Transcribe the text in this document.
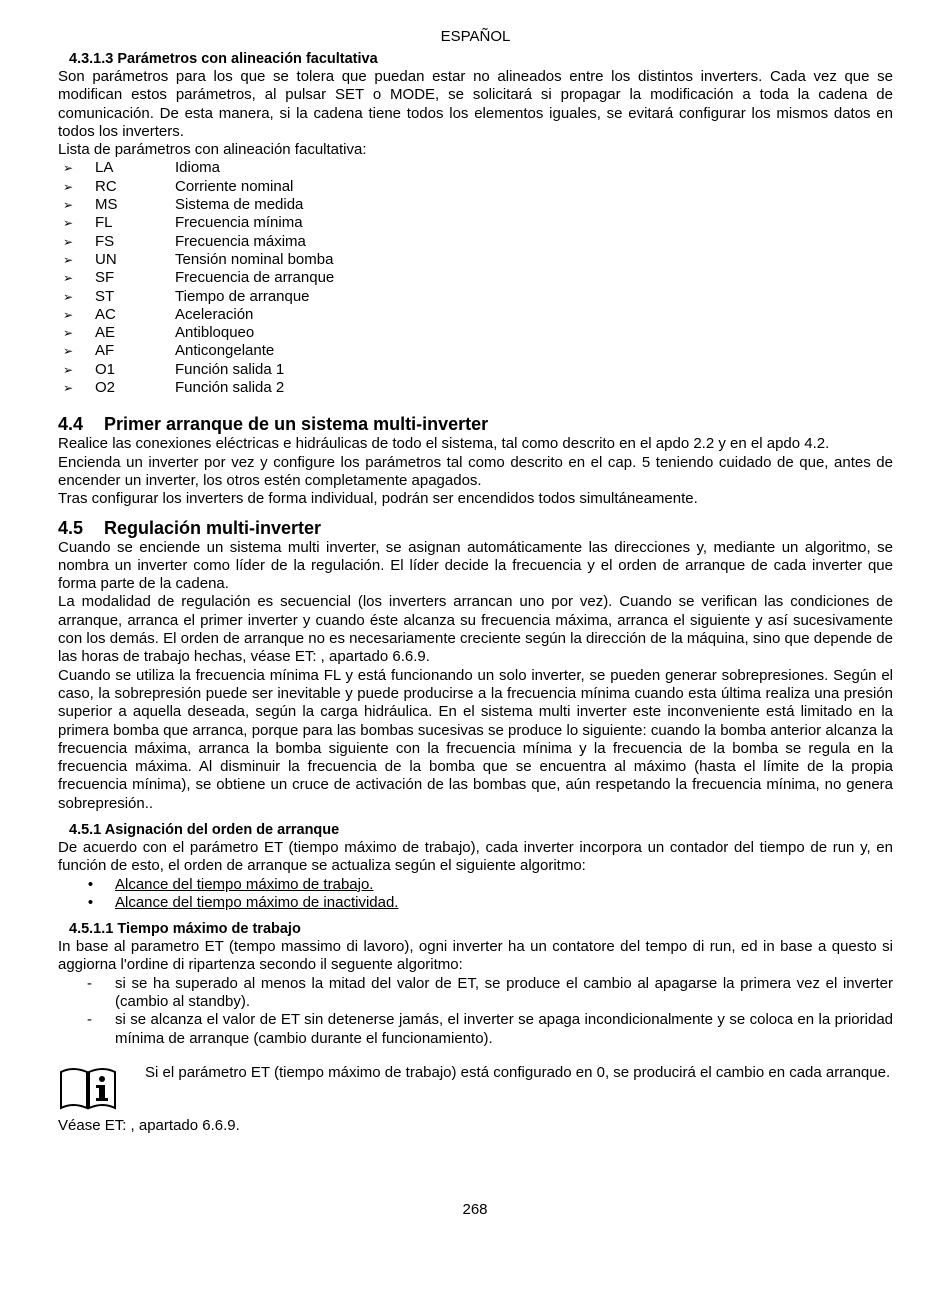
ESPAÑOL
4.3.1.3 Parámetros con alineación facultativa

Son parámetros para los que se tolera que puedan estar no alineados entre los distintos inverters. Cada vez que se modifican estos parámetros, al pulsar SET o MODE, se solicitará si propagar la modificación a toda la cadena de comunicación. De esta manera, si la cadena tiene todos los elementos iguales, se evitará configurar los mismos datos en todos los inverters.

Lista de parámetros con alineación facultativa:

➢	LA	Idioma
➢	RC	Corriente nominal
➢	MS	Sistema de medida
➢	FL	Frecuencia mínima
➢	FS	Frecuencia máxima
➢	UN	Tensión nominal bomba
➢	SF	Frecuencia de arranque
➢	ST	Tiempo de arranque
➢	AC	Aceleración
➢	AE	Antibloqueo
➢	AF	Anticongelante
➢	O1	Función salida 1
➢	O2	Función salida 2
4.4 Primer arranque de un sistema multi-inverter

Realice las conexiones eléctricas e hidráulicas de todo el sistema, tal como descrito en el apdo 2.2 y en el apdo 4.2.

Encienda un inverter por vez y configure los parámetros tal como descrito en el cap. 5 teniendo cuidado de que, antes de encender un inverter, los otros estén completamente apagados.

Tras configurar los inverters de forma individual, podrán ser encendidos todos simultáneamente.

4.5 Regulación multi-inverter

Cuando se enciende un sistema multi inverter, se asignan automáticamente las direcciones y, mediante un algoritmo, se nombra un inverter como líder de la regulación. El líder decide la frecuencia y el orden de arranque de cada inverter que forma parte de la cadena.

La modalidad de regulación es secuencial (los inverters arrancan uno por vez). Cuando se verifican las condiciones de arranque, arranca el primer inverter y cuando éste alcanza su frecuencia máxima, arranca el siguiente y así sucesivamente con los demás. El orden de arranque no es necesariamente creciente según la dirección de la máquina, sino que depende de las horas de trabajo hechas, véase ET: , apartado 6.6.9.

Cuando se utiliza la frecuencia mínima FL y está funcionando un solo inverter, se pueden generar sobrepresiones. Según el caso, la sobrepresión puede ser inevitable y puede producirse a la frecuencia mínima cuando esta última realiza una presión superior a aquella deseada, según la carga hidráulica. En el sistema multi inverter este inconveniente está limitado en la primera bomba que arranca, porque para las bombas sucesivas se produce lo siguiente: cuando la bomba anterior alcanza la frecuencia máxima, arranca la bomba siguiente con la frecuencia mínima y la frecuencia de la bomba se regula en la frecuencia máxima. Al disminuir la frecuencia de la bomba que se encuentra al máximo (hasta el límite de la propia frecuencia mínima), se obtiene un cruce de activación de las bombas que, aún respetando la frecuencia mínima, no genera sobrepresión..

4.5.1 Asignación del orden de arranque

De acuerdo con el parámetro ET (tiempo máximo de trabajo), cada inverter incorpora un contador del tiempo de run y, en función de esto, el orden de arranque se actualiza según el siguiente algoritmo:

•	Alcance del tiempo máximo de trabajo.
•	Alcance del tiempo máximo de inactividad.
4.5.1.1 Tiempo máximo de trabajo

In base al parametro ET (tempo massimo di lavoro), ogni inverter ha un contatore del tempo di run, ed in base a questo si aggiorna l'ordine di ripartenza secondo il seguente algoritmo:

-	si se ha superado al menos la mitad del valor de ET, se produce el cambio al apagarse la primera vez el inverter (cambio al standby).
-	si se alcanza el valor de ET sin detenerse jamás, el inverter se apaga incondicionalmente y se coloca en la prioridad mínima de arranque (cambio durante el funcionamiento).
Si el parámetro ET (tiempo máximo de trabajo) está configurado en 0, se producirá el cambio en cada arranque.

Véase ET: , apartado 6.6.9.

268
